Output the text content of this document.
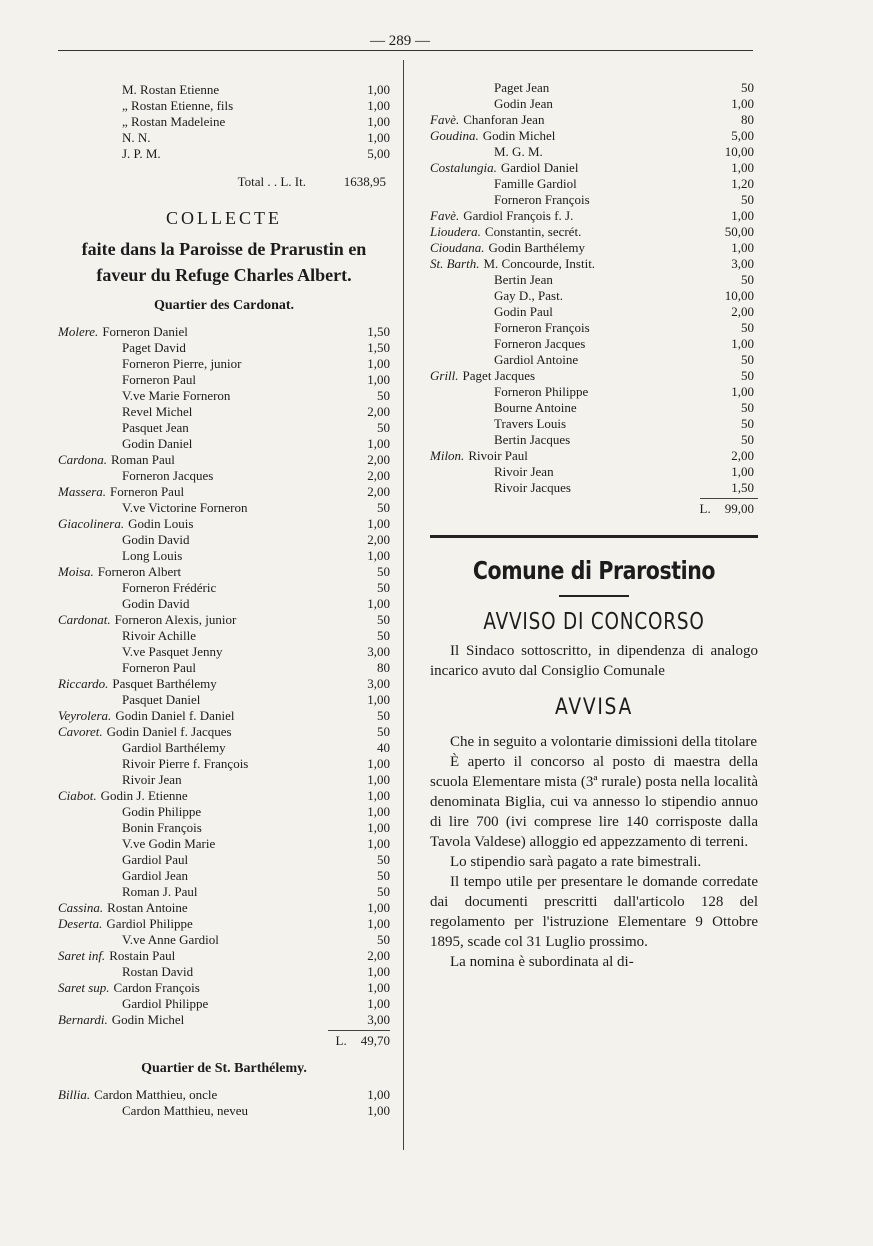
— 289 —
M. Rostan Etienne	1,00
„ Rostan Etienne, fils	1,00
„ Rostan Madeleine	1,00
N. N.	1,00
J. P. M.	5,00
Total . . L. It.	1638,95
COLLECTE
faite dans la Paroisse de Prarustin en faveur du Refuge Charles Albert.
Quartier des Cardonat.
Molere. Forneron Daniel	1,50
Paget David	1,50
Forneron Pierre, junior	1,00
Forneron Paul	1,00
V.ve Marie Forneron	50
Revel Michel	2,00
Pasquet Jean	50
Godin Daniel	1,00
Cardona. Roman Paul	2,00
Forneron Jacques	2,00
Massera. Forneron Paul	2,00
V.ve Victorine Forneron	50
Giacolinera. Godin Louis	1,00
Godin David	2,00
Long Louis	1,00
Moisa. Forneron Albert	50
Forneron Frédéric	50
Godin David	1,00
Cardonat. Forneron Alexis, junior	50
Rivoir Achille	50
V.ve Pasquet Jenny	3,00
Forneron Paul	80
Riccardo. Pasquet Barthélemy	3,00
Pasquet Daniel	1,00
Veyrolera. Godin Daniel f. Daniel	50
Cavoret. Godin Daniel f. Jacques	50
Gardiol Barthélemy	40
Rivoir Pierre f. François	1,00
Rivoir Jean	1,00
Ciabot. Godin J. Etienne	1,00
Godin Philippe	1,00
Bonin François	1,00
V.ve Godin Marie	1,00
Gardiol Paul	50
Gardiol Jean	50
Roman J. Paul	50
Cassina. Rostan Antoine	1,00
Deserta. Gardiol Philippe	1,00
V.ve Anne Gardiol	50
Saret inf. Rostain Paul	2,00
Rostan David	1,00
Saret sup. Cardon François	1,00
Gardiol Philippe	1,00
Bernardi. Godin Michel	3,00
L. 49,70
Quartier de St. Barthélemy.
Billia. Cardon Matthieu, oncle	1,00
Cardon Matthieu, neveu	1,00
Paget Jean	50
Godin Jean	1,00
Favè. Chanforan Jean	80
Goudina. Godin Michel	5,00
M. G. M.	10,00
Costalungia. Gardiol Daniel	1,00
Famille Gardiol	1,20
Forneron François	50
Favè. Gardiol François f. J.	1,00
Lioudera. Constantin, secrét.	50,00
Cioudana. Godin Barthélemy	1,00
St. Barth. M. Concourde, Instit.	3,00
Bertin Jean	50
Gay D., Past.	10,00
Godin Paul	2,00
Forneron François	50
Forneron Jacques	1,00
Gardiol Antoine	50
Grill. Paget Jacques	50
Forneron Philippe	1,00
Bourne Antoine	50
Travers Louis	50
Bertin Jacques	50
Milon. Rivoir Paul	2,00
Rivoir Jean	1,00
Rivoir Jacques	1,50
L. 99,00
Comune di Prarostino
AVVISO DI CONCORSO

Il Sindaco sottoscritto, in dipendenza di analogo incarico avuto dal Consiglio Comunale

AVVISA

Che in seguito a volontarie dimissioni della titolare

È aperto il concorso al posto di maestra della scuola Elementare mista (3ª rurale) posta nella località denominata Biglia, cui va annesso lo stipendio annuo di lire 700 (ivi comprese lire 140 corrisposte dalla Tavola Valdese) alloggio ed appezzamento di terreni.

Lo stipendio sarà pagato a rate bimestrali.

Il tempo utile per presentare le domande corredate dai documenti prescritti dall'articolo 128 del regolamento per l'istruzione Elementare 9 Ottobre 1895, scade col 31 Luglio prossimo.

La nomina è subordinata al di-
